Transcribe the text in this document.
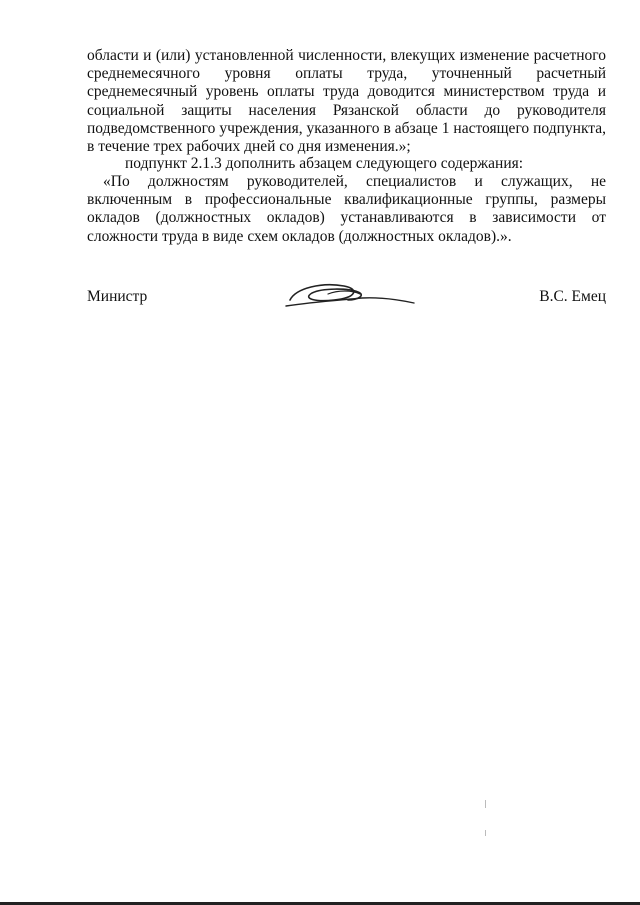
области и (или) установленной численности, влекущих изменение расчетного среднемесячного уровня оплаты труда, уточненный расчетный среднемесячный уровень оплаты труда доводится министерством труда и социальной защиты населения Рязанской области до руководителя подведомственного учреждения, указанного в абзаце 1 настоящего подпункта, в течение трех рабочих дней со дня изменения.»;

подпункт 2.1.3 дополнить абзацем следующего содержания:

«По должностям руководителей, специалистов и служащих, не включенным в профессиональные квалификационные группы, размеры окладов (должностных окладов) устанавливаются в зависимости от сложности труда в виде схем окладов (должностных окладов).».

Министр	В.С. Емец
